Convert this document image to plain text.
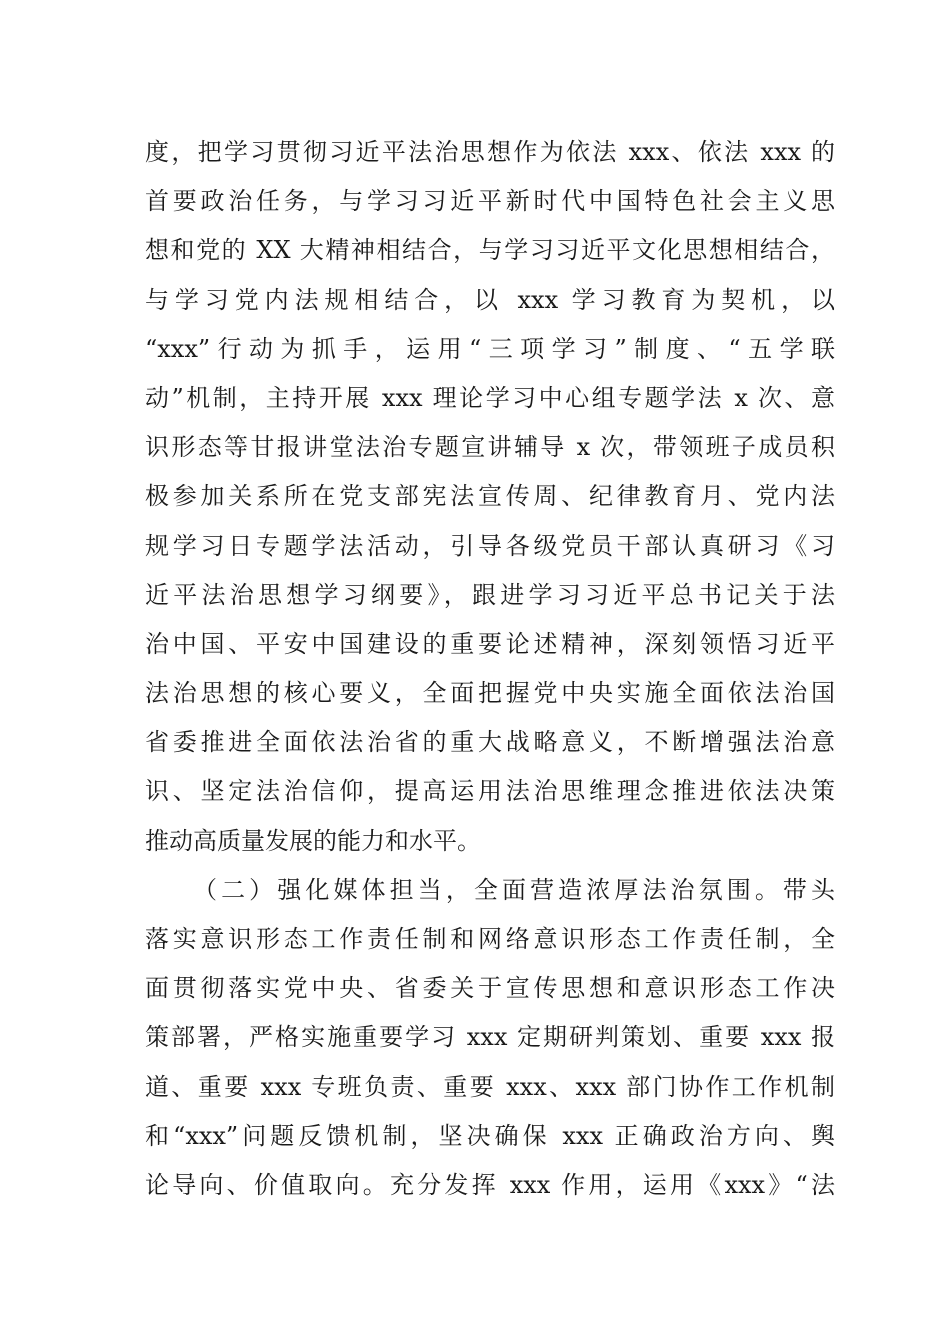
度，把学习贯彻习近平法治思想作为依法 xxx、依法 xxx 的
首要政治任务，与学习习近平新时代中国特色社会主义思
想和党的 XX 大精神相结合，与学习习近平文化思想相结合，
与学习党内法规相结合，以 xxx 学习教育为契机，以
“xxx”行动为抓手，运用“三项学习”制度、“五学联
动”机制，主持开展 xxx 理论学习中心组专题学法 x 次、意
识形态等甘报讲堂法治专题宣讲辅导 x 次，带领班子成员积
极参加关系所在党支部宪法宣传周、纪律教育月、党内法
规学习日专题学法活动，引导各级党员干部认真研习《习
近平法治思想学习纲要》，跟进学习习近平总书记关于法
治中国、平安中国建设的重要论述精神，深刻领悟习近平
法治思想的核心要义，全面把握党中央实施全面依法治国
省委推进全面依法治省的重大战略意义，不断增强法治意
识、坚定法治信仰，提高运用法治思维理念推进依法决策
推动高质量发展的能力和水平。
（二）强化媒体担当，全面营造浓厚法治氛围。带头
落实意识形态工作责任制和网络意识形态工作责任制，全
面贯彻落实党中央、省委关于宣传思想和意识形态工作决
策部署，严格实施重要学习 xxx 定期研判策划、重要 xxx 报
道、重要 xxx 专班负责、重要 xxx、xxx 部门协作工作机制
和“xxx”问题反馈机制，坚决确保 xxx 正确政治方向、舆
论导向、价值取向。充分发挥 xxx 作用，运用《xxx》“法
